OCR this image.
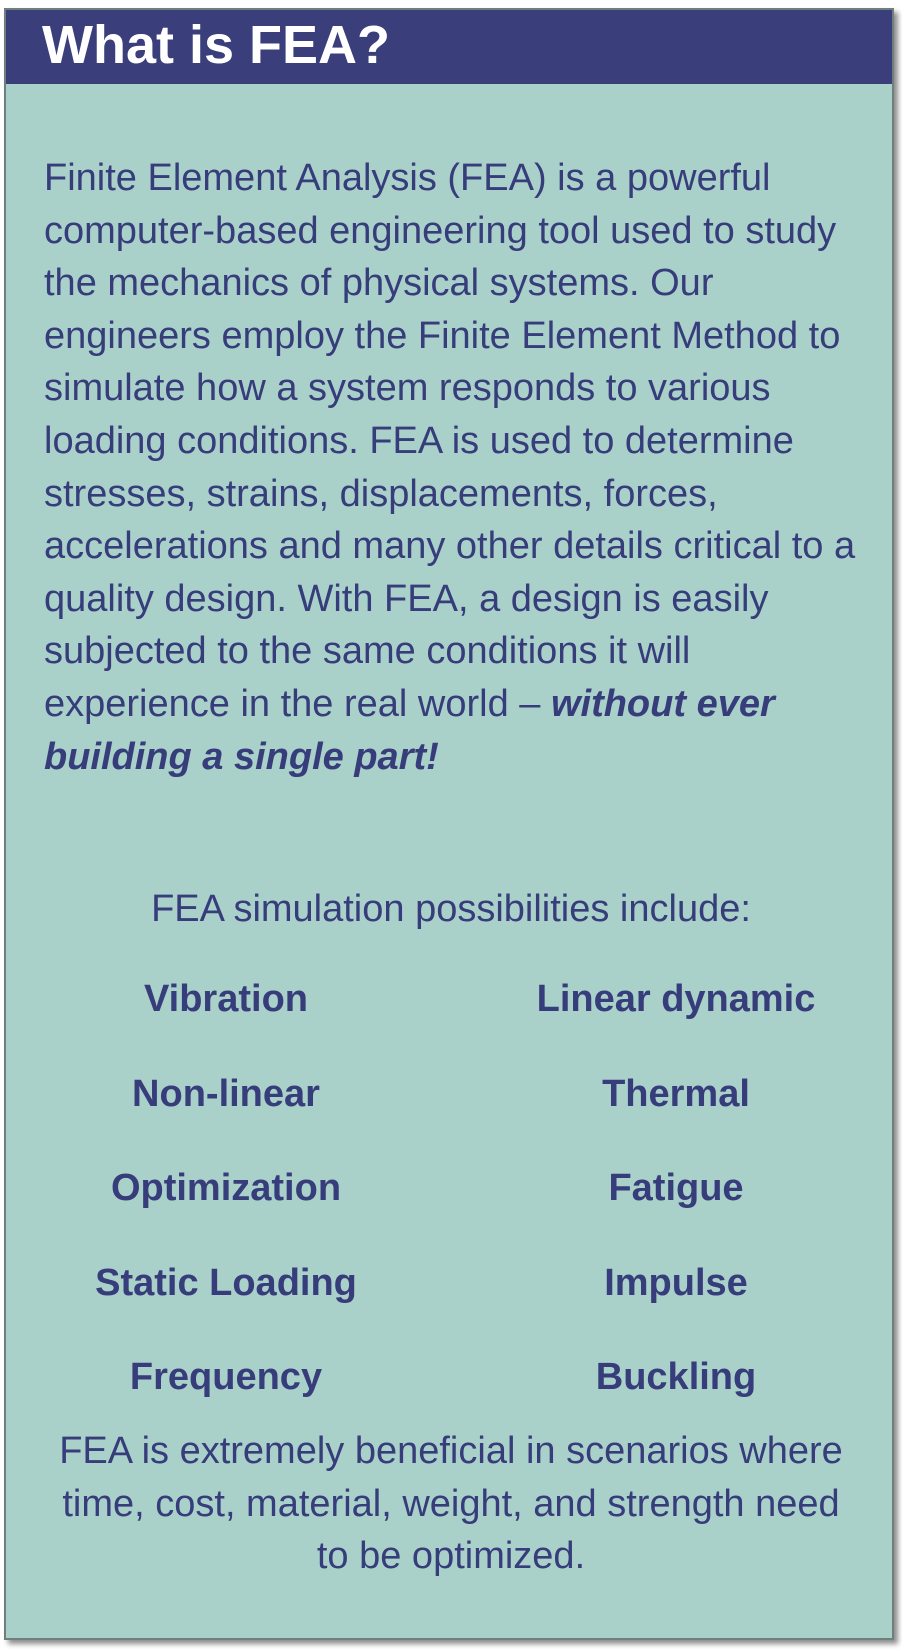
What is FEA?
Finite Element Analysis (FEA) is a powerful computer-based engineering tool used to study the mechanics of physical systems. Our engineers employ the Finite Element Method to simulate how a system responds to various loading conditions. FEA is used to determine stresses, strains, displacements, forces, accelerations and many other details critical to a quality design. With FEA, a design is easily subjected to the same conditions it will experience in the real world – without ever building a single part!
FEA simulation possibilities include:
Vibration	Linear dynamic
Non-linear	Thermal
Optimization	Fatigue
Static Loading	Impulse
Frequency	Buckling
FEA is extremely beneficial in scenarios where time, cost, material, weight, and strength need to be optimized.
